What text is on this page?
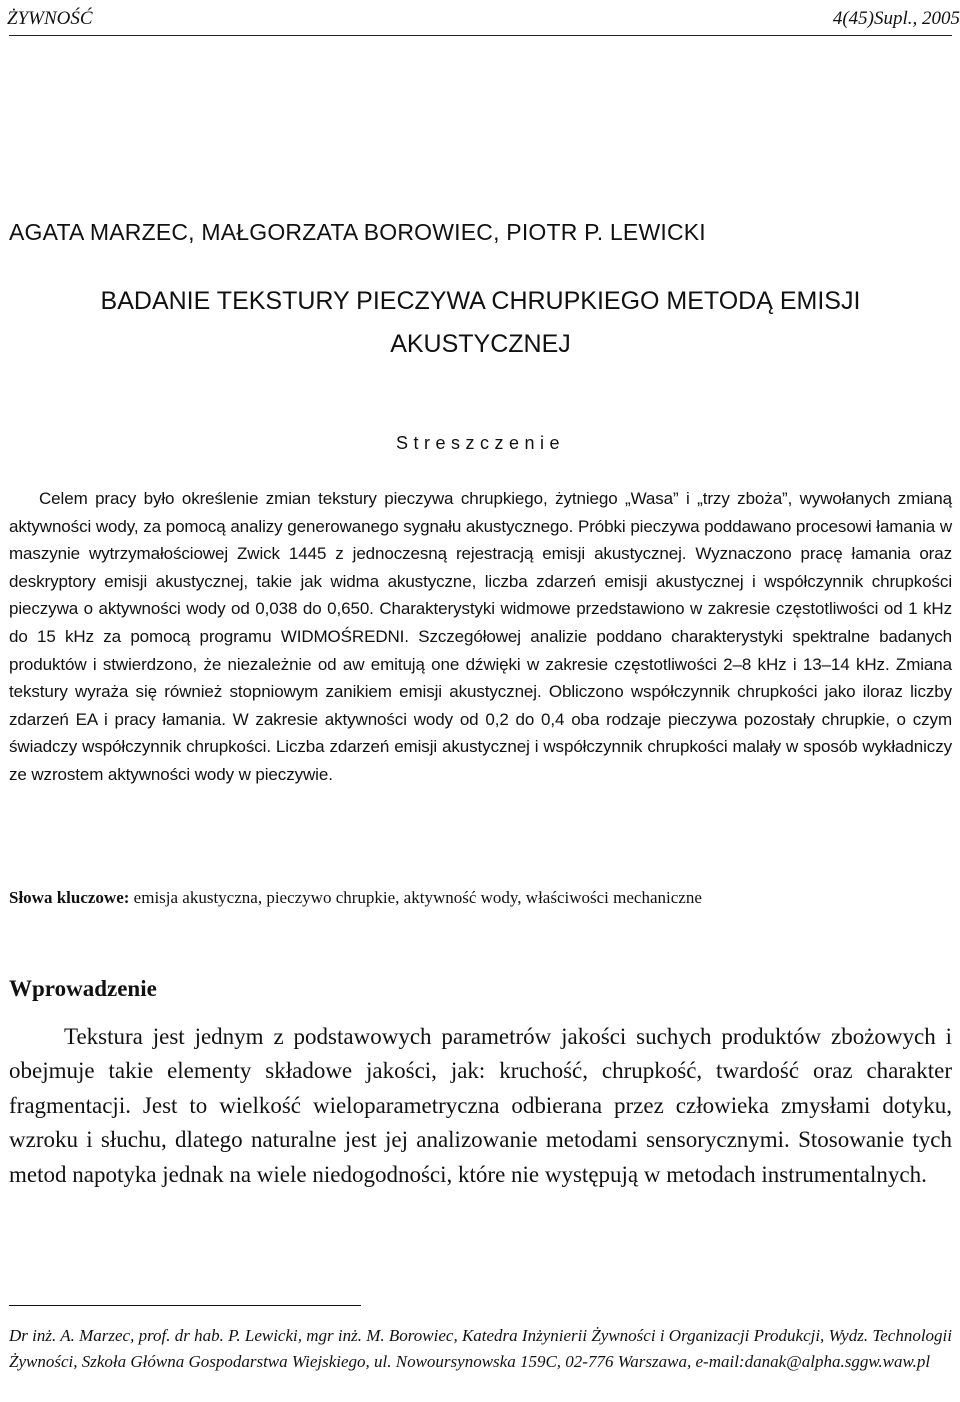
ŻYWNOŚĆ	4(45)Supl., 2005

AGATA MARZEC, MAŁGORZATA BOROWIEC, PIOTR P. LEWICKI
BADANIE TEKSTURY PIECZYWA CHRUPKIEGO METODĄ EMISJI
AKUSTYCZNEJ
Streszczenie

Celem pracy było określenie zmian tekstury pieczywa chrupkiego, żytniego „Wasa” i „trzy zboża”, wywołanych zmianą aktywności wody, za pomocą analizy generowanego sygnału akustycznego. Próbki pieczywa poddawano procesowi łamania w maszynie wytrzymałościowej Zwick 1445 z jednoczesną rejestracją emisji akustycznej. Wyznaczono pracę łamania oraz deskryptory emisji akustycznej, takie jak widma akustyczne, liczba zdarzeń emisji akustycznej i współczynnik chrupkości pieczywa o aktywności wody od 0,038 do 0,650. Charakterystyki widmowe przedstawiono w zakresie częstotliwości od 1 kHz do 15 kHz za pomocą programu WIDMOŚREDNI. Szczegółowej analizie poddano charakterystyki spektralne badanych produktów i stwierdzono, że niezależnie od aw emitują one dźwięki w zakresie częstotliwości 2–8 kHz i 13–14 kHz. Zmiana tekstury wyraża się również stopniowym zanikiem emisji akustycznej. Obliczono współczynnik chrupkości jako iloraz liczby zdarzeń EA i pracy łamania. W zakresie aktywności wody od 0,2 do 0,4 oba rodzaje pieczywa pozostały chrupkie, o czym świadczy współczynnik chrupkości. Liczba zdarzeń emisji akustycznej i współczynnik chrupkości malały w sposób wykładniczy ze wzrostem aktywności wody w pieczywie.

Słowa kluczowe: emisja akustyczna, pieczywo chrupkie, aktywność wody, właściwości mechaniczne
Wprowadzenie

Tekstura jest jednym z podstawowych parametrów jakości suchych produktów zbożowych i obejmuje takie elementy składowe jakości, jak: kruchość, chrupkość, twardość oraz charakter fragmentacji. Jest to wielkość wieloparametryczna odbierana przez człowieka zmysłami dotyku, wzroku i słuchu, dlatego naturalne jest jej analizowanie metodami sensorycznymi. Stosowanie tych metod napotyka jednak na wiele niedogodności, które nie występują w metodach instrumentalnych.

Dr inż. A. Marzec, prof. dr hab. P. Lewicki, mgr inż. M. Borowiec, Katedra Inżynierii Żywności i Organizacji Produkcji, Wydz. Technologii Żywności, Szkoła Główna Gospodarstwa Wiejskiego, ul. Nowoursynowska 159C, 02-776 Warszawa, e-mail:danak@alpha.sggw.waw.pl
